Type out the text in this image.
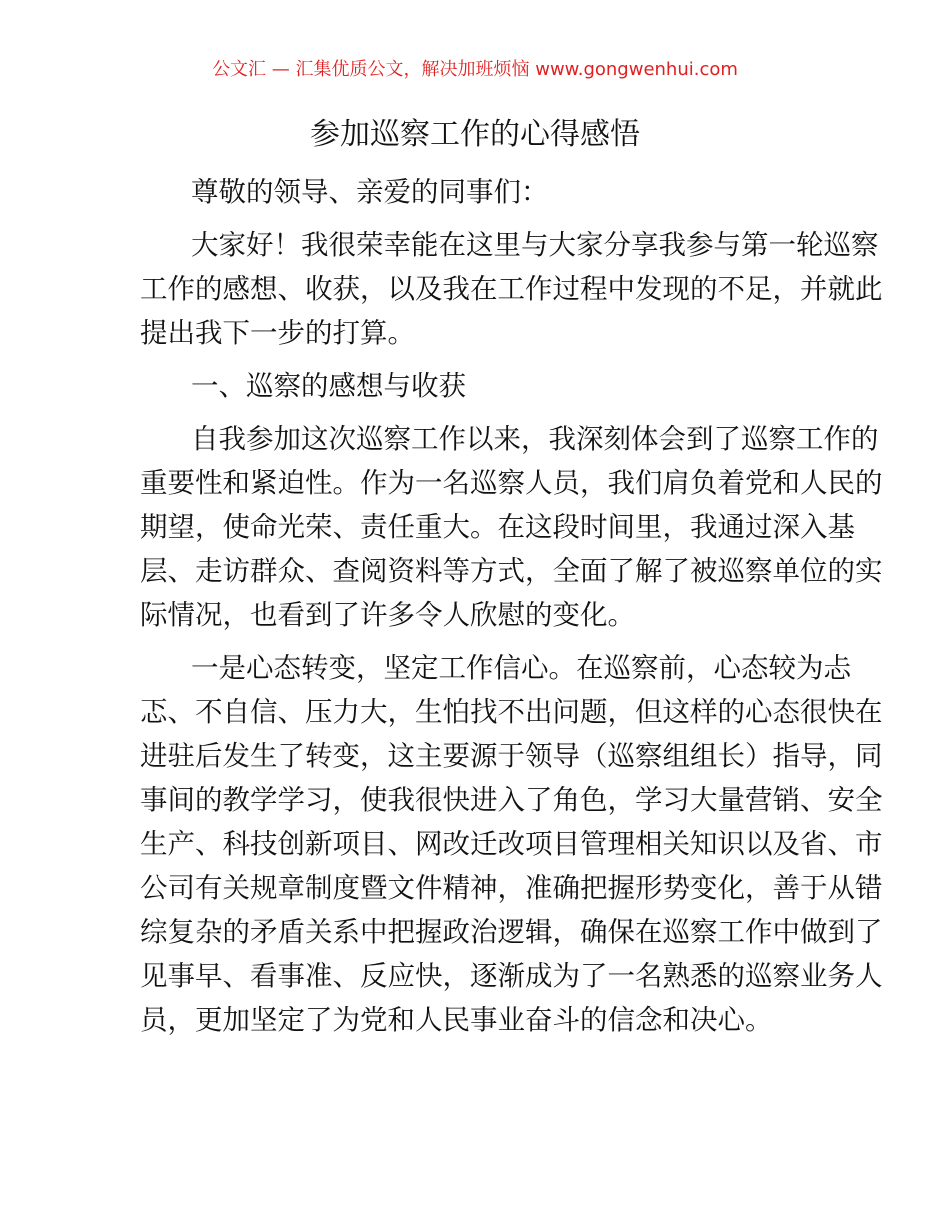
公文汇 — 汇集优质公文，解决加班烦恼 www.gongwenhui.com
参加巡察工作的心得感悟
尊敬的领导、亲爱的同事们：
大家好！我很荣幸能在这里与大家分享我参与第一轮巡察
工作的感想、收获，以及我在工作过程中发现的不足，并就此
提出我下一步的打算。
一、巡察的感想与收获
自我参加这次巡察工作以来，我深刻体会到了巡察工作的
重要性和紧迫性。作为一名巡察人员，我们肩负着党和人民的
期望，使命光荣、责任重大。在这段时间里，我通过深入基
层、走访群众、查阅资料等方式，全面了解了被巡察单位的实
际情况，也看到了许多令人欣慰的变化。
一是心态转变，坚定工作信心。在巡察前，心态较为忐
忑、不自信、压力大，生怕找不出问题，但这样的心态很快在
进驻后发生了转变，这主要源于领导（巡察组组长）指导，同
事间的教学学习，使我很快进入了角色，学习大量营销、安全
生产、科技创新项目、网改迁改项目管理相关知识以及省、市
公司有关规章制度暨文件精神，准确把握形势变化，善于从错
综复杂的矛盾关系中把握政治逻辑，确保在巡察工作中做到了
见事早、看事准、反应快，逐渐成为了一名熟悉的巡察业务人
员，更加坚定了为党和人民事业奋斗的信念和决心。
